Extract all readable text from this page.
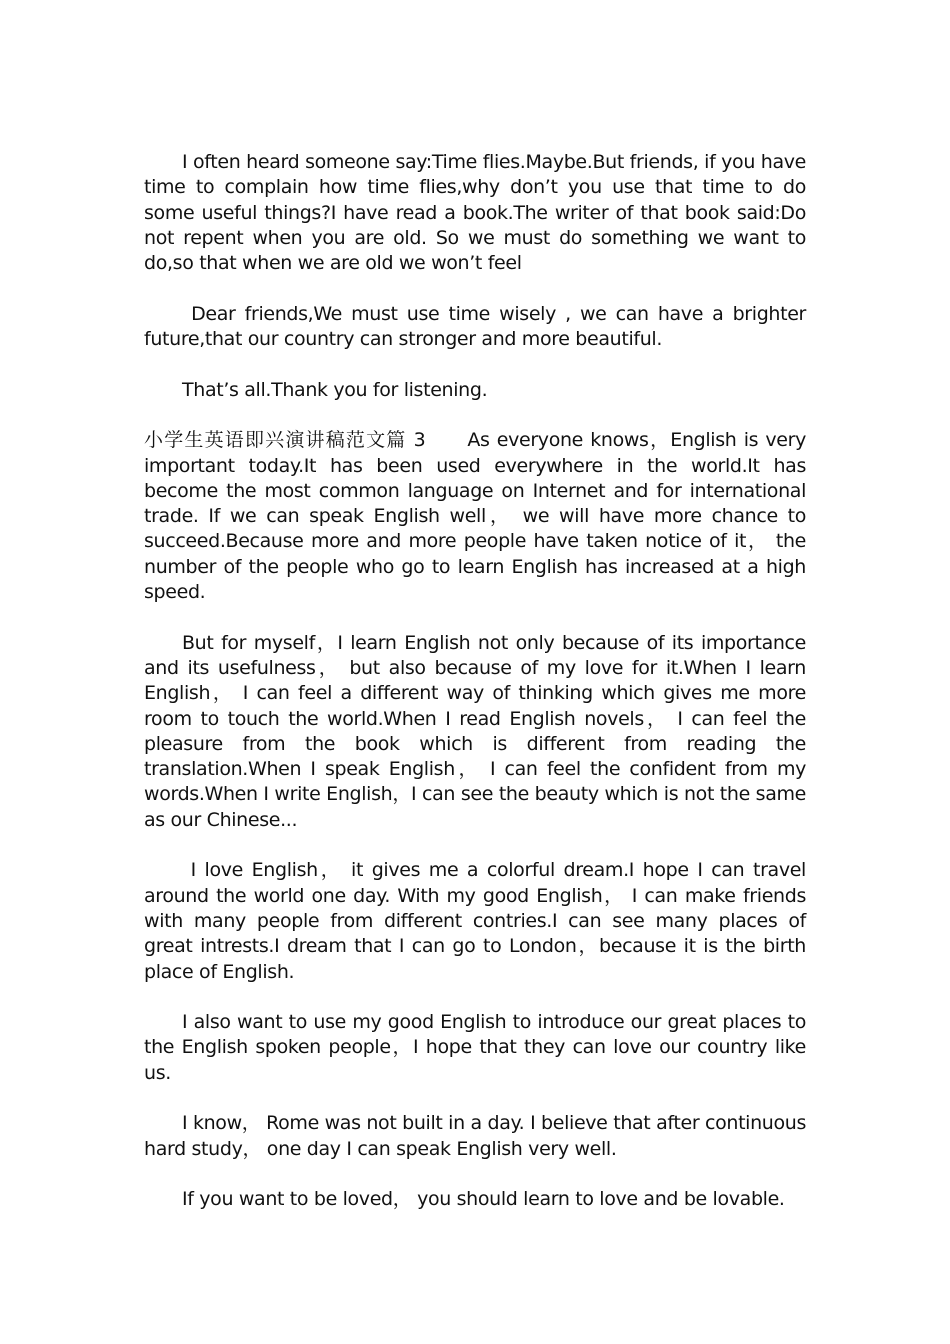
I often heard someone say:Time flies.Maybe.But friends, if you have time to complain how time flies,why don’t you use that time to do some useful things?I have read a book.The writer of that book said:Do not repent when you are old. So we must do something we want to do,so that when we are old we won’t feel

Dear friends,We must use time wisely , we can have a brighter future,that our country can stronger and more beautiful.

That’s all.Thank you for listening.

小学生英语即兴演讲稿范文篇 3　　As everyone knows，English is very important today.It has been used everywhere in the world.It has become the most common language on Internet and for international trade. If we can speak English well， we will have more chance to succeed.Because more and more people have taken notice of it， the number of the people who go to learn English has increased at a high speed.

But for myself，I learn English not only because of its importance and its usefulness， but also because of my love for it.When I learn English， I can feel a different way of thinking which gives me more room to touch the world.When I read English novels， I can feel the pleasure from the book which is different from reading the translation.When I speak English， I can feel the confident from my words.When I write English，I can see the beauty which is not the same as our Chinese...

I love English， it gives me a colorful dream.I hope I can travel around the world one day. With my good English， I can make friends with many people from different contries.I can see many places of great intrests.I dream that I can go to London，because it is the birth place of English.

I also want to use my good English to introduce our great places to the English spoken people，I hope that they can love our country like us.

I know， Rome was not built in a day. I believe that after continuous hard study， one day I can speak English very well.

If you want to be loved， you should learn to love and be lovable.
